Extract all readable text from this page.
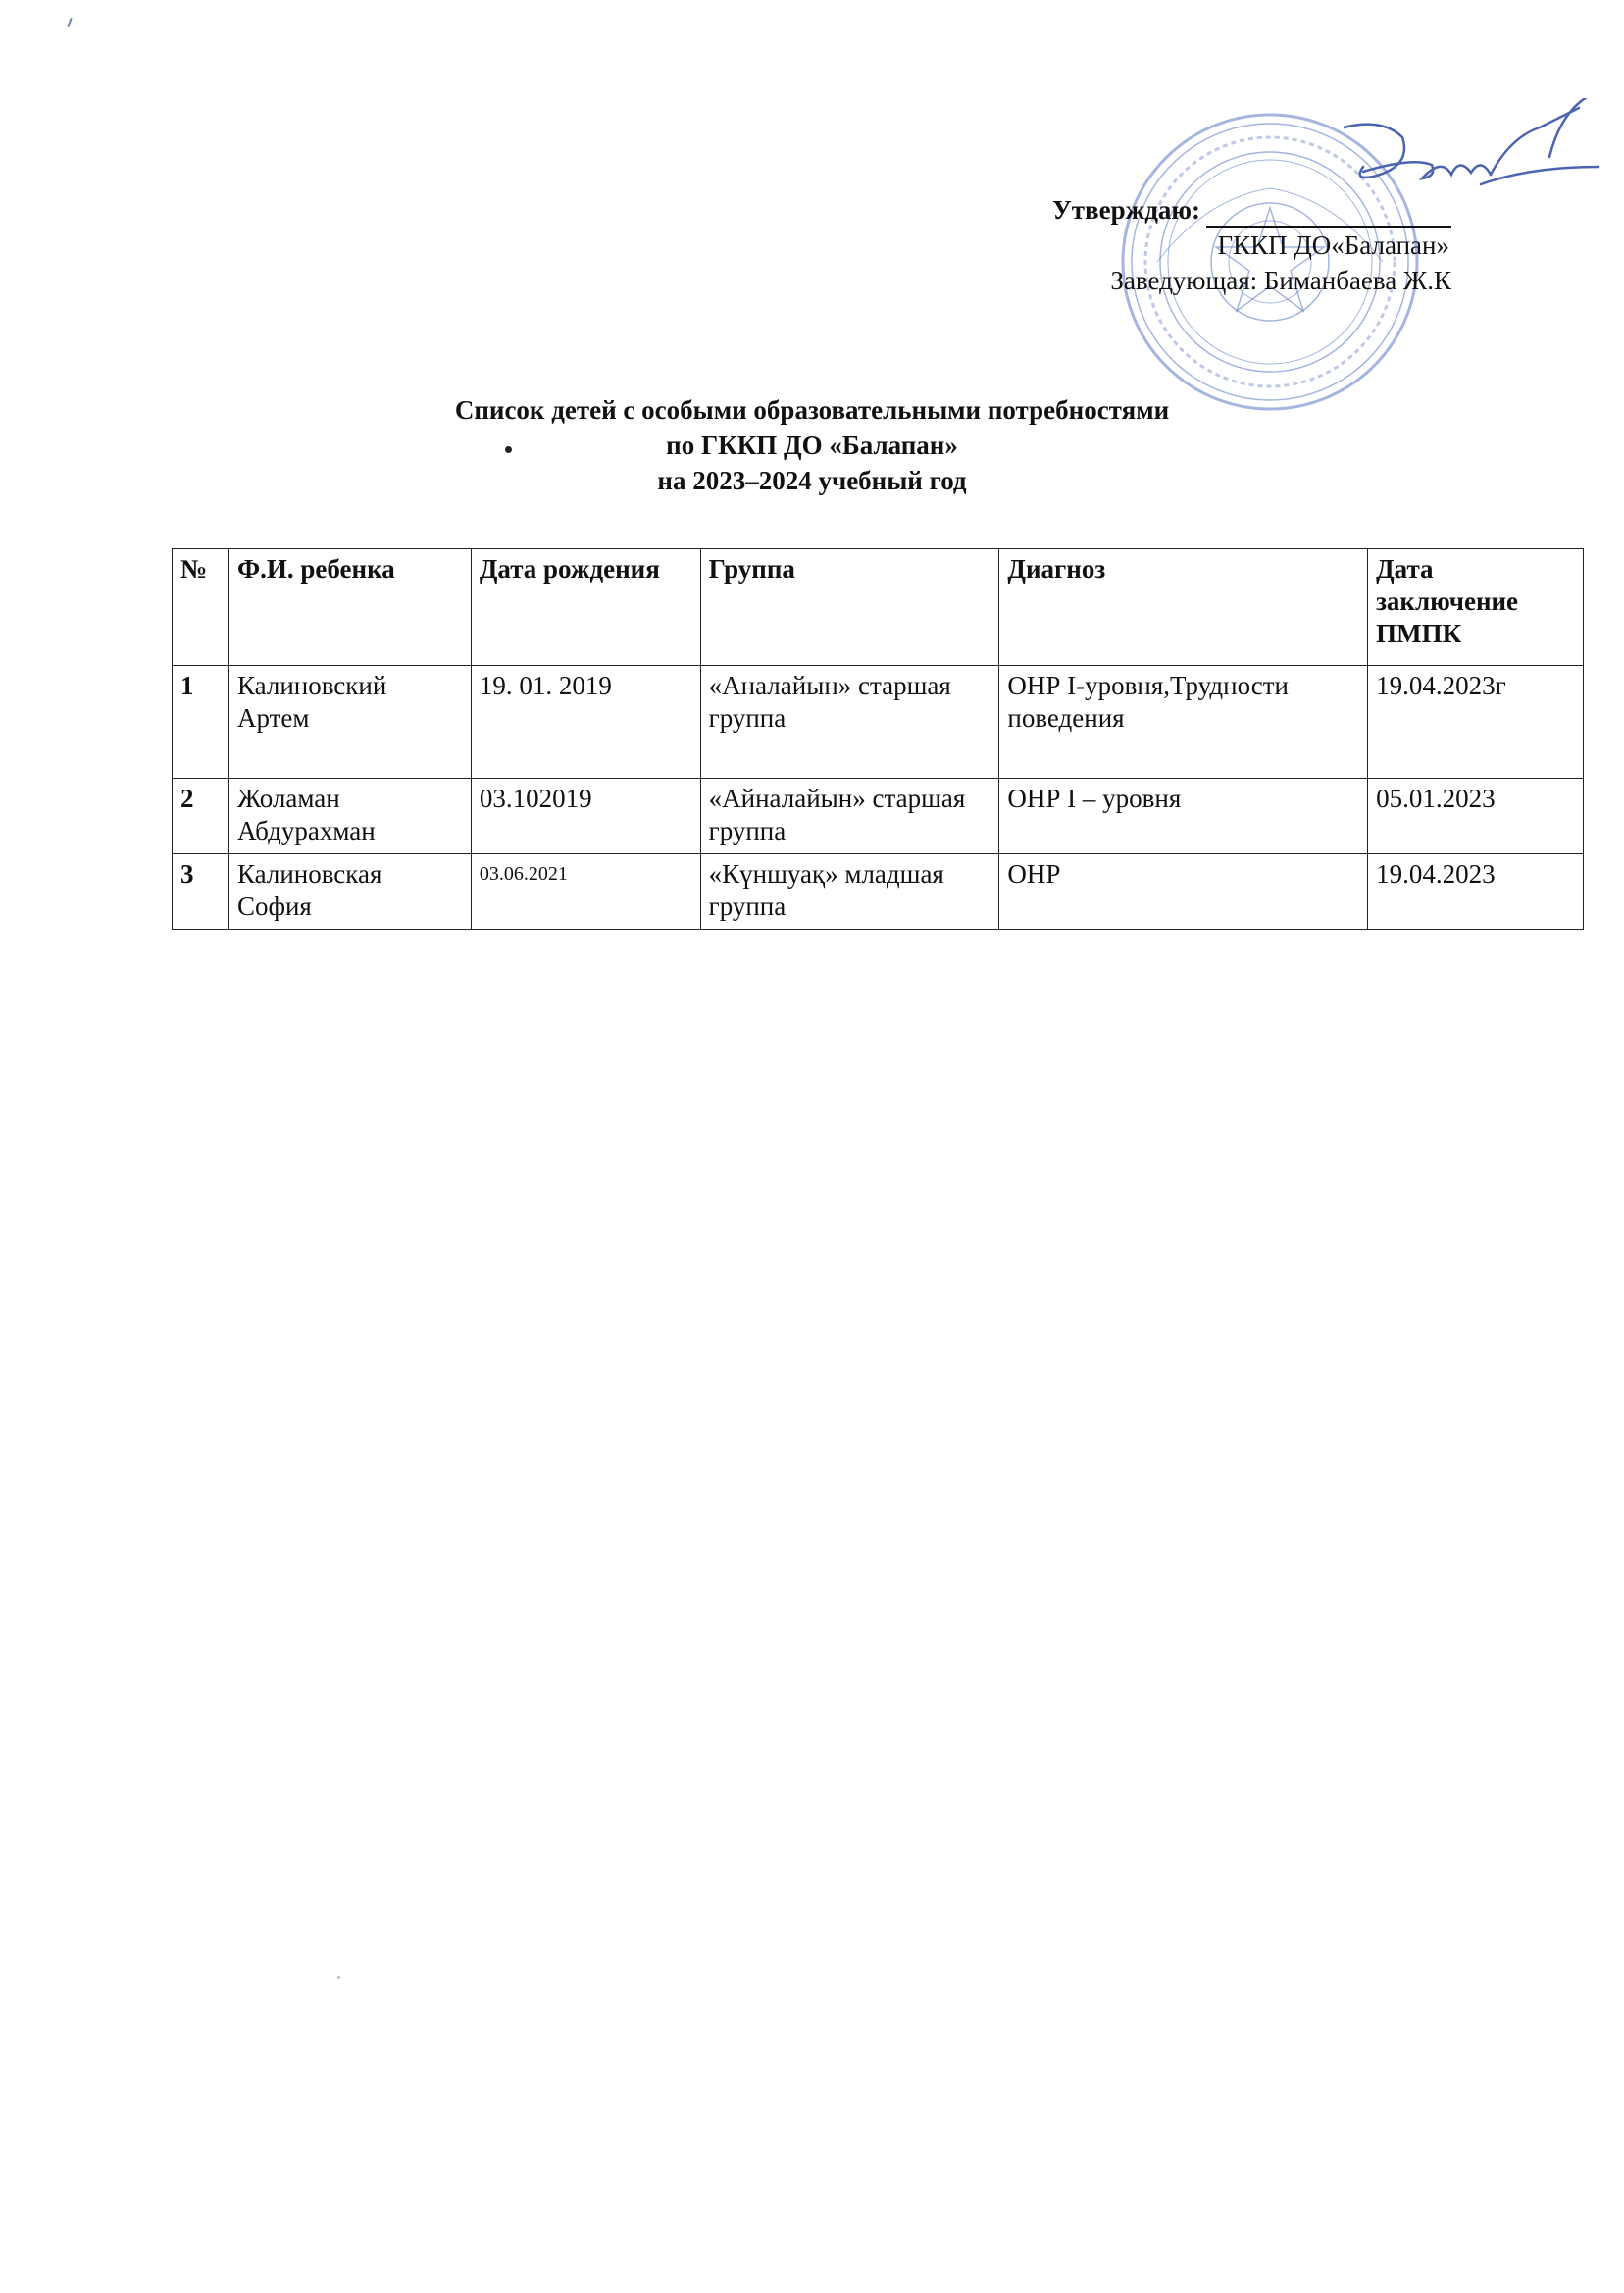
Утверждаю:
ГККП ДО«Балапан»
Заведующая: Биманбаева Ж.К
Список детей с особыми образовательными потребностями
по ГККП ДО «Балапан»
на 2023–2024 учебный год
№	Ф.И. ребенка	Дата рождения	Группа	Диагноз	Дата заключение ПМПК
1	Калиновский Артем	19. 01. 2019	«Аналайын» старшая группа	ОНР I-уровня,Трудности поведения	19.04.2023г
2	Жоламан Абдурахман	03.102019	«Айналайын» старшая группа	ОНР I – уровня	05.01.2023
3	Калиновская София	03.06.2021	«Күншуақ» младшая группа	ОНР	19.04.2023
